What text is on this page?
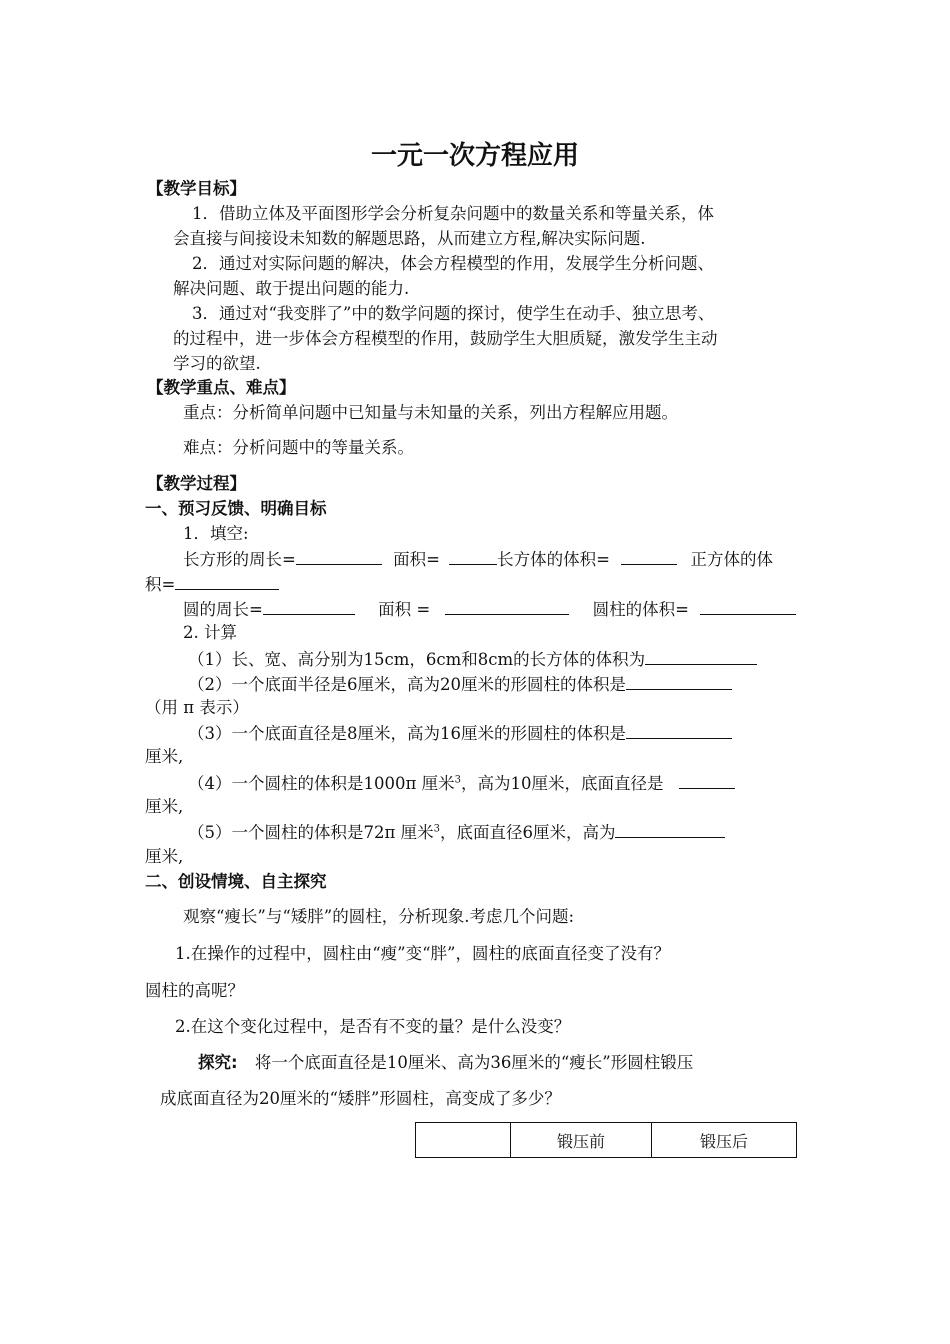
一元一次方程应用
【教学目标】
1．借助立体及平面图形学会分析复杂问题中的数量关系和等量关系，体
会直接与间接设未知数的解题思路，从而建立方程,解决实际问题.
2．通过对实际问题的解决，体会方程模型的作用，发展学生分析问题、
解决问题、敢于提出问题的能力.
3．通过对“我变胖了”中的数学问题的探讨，使学生在动手、独立思考、
的过程中，进一步体会方程模型的作用，鼓励学生大胆质疑，激发学生主动
学习的欲望.
【教学重点、难点】
重点：分析简单问题中已知量与未知量的关系，列出方程解应用题。
难点：分析问题中的等量关系。
【教学过程】
一、预习反馈、明确目标
1．填空:
长方形的周长=	面积=	长方体的体积=	正方体的体
积=
圆的周长=	面积 =	圆柱的体积=
2. 计算
（1）长、宽、高分别为15cm，6cm和8cm的长方体的体积为
（2）一个底面半径是6厘米，高为20厘米的形圆柱的体积是
（用 π 表示）
（3）一个底面直径是8厘米，高为16厘米的形圆柱的体积是
厘米,
（4）一个圆柱的体积是1000π 厘米$^3$，高为10厘米，底面直径是
厘米,
（5）一个圆柱的体积是72π 厘米$^3$，底面直径6厘米，高为
厘米,
二、创设情境、自主探究
观察“瘦长”与“矮胖”的圆柱，分析现象.考虑几个问题:
1.在操作的过程中，圆柱由“瘦”变“胖”，圆柱的底面直径变了没有？
圆柱的高呢？
2.在这个变化过程中，是否有不变的量？是什么没变？
探究: 将一个底面直径是10厘米、高为36厘米的“瘦长”形圆柱锻压
成底面直径为20厘米的“矮胖”形圆柱，高变成了多少？
	锻压前	锻压后
